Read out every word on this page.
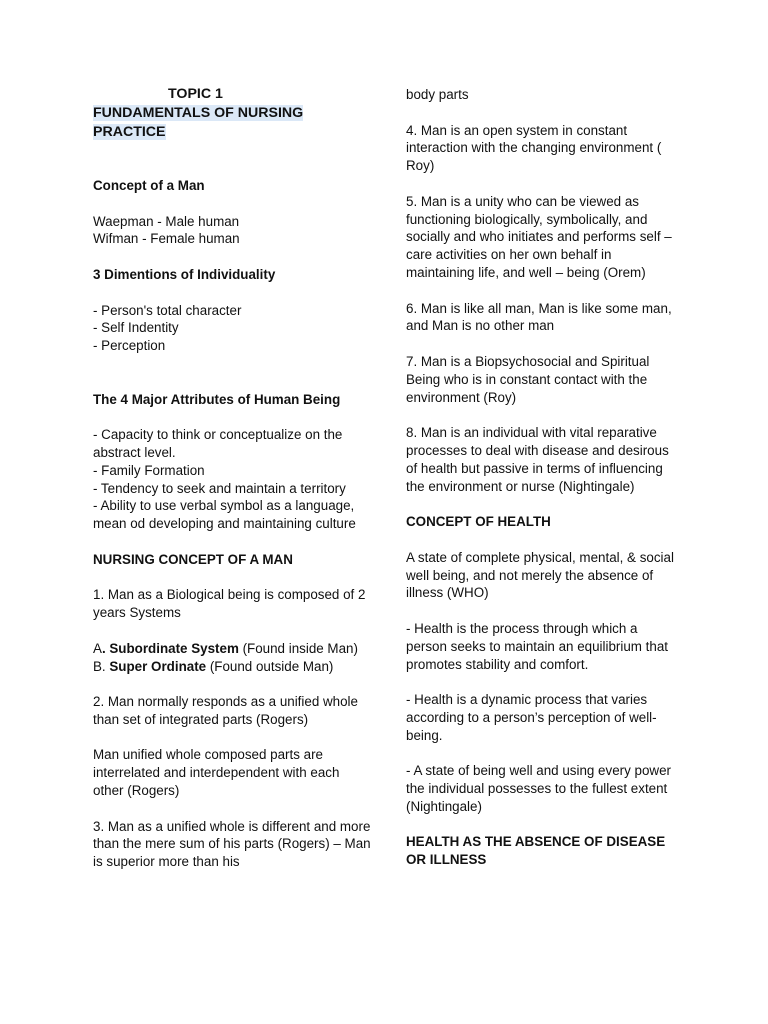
TOPIC 1

FUNDAMENTALS OF NURSING
PRACTICE

Concept of a Man

Waepman - Male human

Wifman - Female human

3 Dimentions of Individuality

- Person's total character

- Self Indentity

- Perception

The 4 Major Attributes of Human Being

- Capacity to think or conceptualize on the abstract level.

- Family Formation

- Tendency to seek and maintain a territory

- Ability to use verbal symbol as a language, mean od developing and maintaining culture

NURSING CONCEPT OF A MAN

1. Man as a Biological being is composed of 2 years Systems

A. Subordinate System (Found inside Man)

B. Super Ordinate (Found outside Man)

2. Man normally responds as a unified whole than set of integrated parts (Rogers)

Man unified whole composed parts are interrelated and interdependent with each other (Rogers)

3. Man as a unified whole is different and more than the mere sum of his parts (Rogers) – Man is superior more than his

body parts

4. Man is an open system in constant interaction with the changing environment ( Roy)

5. Man is a unity who can be viewed as functioning biologically, symbolically, and socially and who initiates and performs self – care activities on her own behalf in maintaining life, and well – being (Orem)

6. Man is like all man, Man is like some man, and Man is no other man

7. Man is a Biopsychosocial and Spiritual Being who is in constant contact with the environment (Roy)

8. Man is an individual with vital reparative processes to deal with disease and desirous of health but passive in terms of influencing the environment or nurse (Nightingale)

CONCEPT OF HEALTH

A state of complete physical, mental, & social well being, and not merely the absence of illness (WHO)

- Health is the process through which a person seeks to maintain an equilibrium that promotes stability and comfort.

- Health is a dynamic process that varies according to a person’s perception of well-being.

- A state of being well and using every power the individual possesses to the fullest extent (Nightingale)

HEALTH AS THE ABSENCE OF DISEASE OR ILLNESS
